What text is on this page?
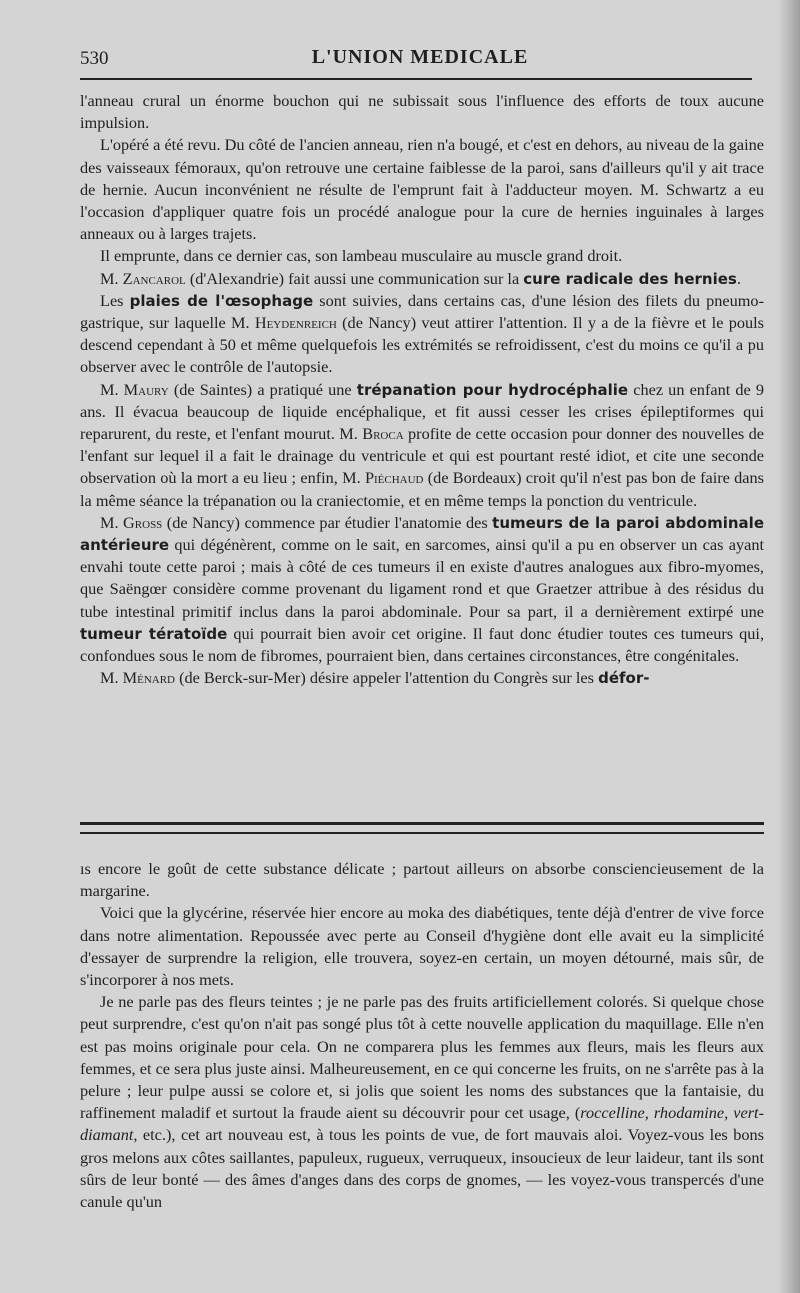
530	L'UNION MEDICALE

l'anneau crural un énorme bouchon qui ne subissait sous l'influence des efforts de toux aucune impulsion.

L'opéré a été revu. Du côté de l'ancien anneau, rien n'a bougé, et c'est en dehors, au niveau de la gaine des vaisseaux fémoraux, qu'on retrouve une certaine faiblesse de la paroi, sans d'ailleurs qu'il y ait trace de hernie. Aucun inconvénient ne résulte de l'emprunt fait à l'adducteur moyen. M. Schwartz a eu l'occasion d'appliquer quatre fois un procédé analogue pour la cure de hernies inguinales à larges anneaux ou à larges trajets.

Il emprunte, dans ce dernier cas, son lambeau musculaire au muscle grand droit.

M. Zancarol (d'Alexandrie) fait aussi une communication sur la cure radicale des hernies.

Les plaies de l'œsophage sont suivies, dans certains cas, d'une lésion des filets du pneumo-gastrique, sur laquelle M. Heydenreich (de Nancy) veut attirer l'attention. Il y a de la fièvre et le pouls descend cependant à 50 et même quelquefois les extrémités se refroidissent, c'est du moins ce qu'il a pu observer avec le contrôle de l'autopsie.

M. Maury (de Saintes) a pratiqué une trépanation pour hydrocéphalie chez un enfant de 9 ans. Il évacua beaucoup de liquide encéphalique, et fit aussi cesser les crises épileptiformes qui reparurent, du reste, et l'enfant mourut. M. Broca profite de cette occasion pour donner des nouvelles de l'enfant sur lequel il a fait le drainage du ventricule et qui est pourtant resté idiot, et cite une seconde observation où la mort a eu lieu ; enfin, M. Piéchaud (de Bordeaux) croit qu'il n'est pas bon de faire dans la même séance la trépanation ou la craniectomie, et en même temps la ponction du ventricule.

M. Gross (de Nancy) commence par étudier l'anatomie des tumeurs de la paroi abdominale antérieure qui dégénèrent, comme on le sait, en sarcomes, ainsi qu'il a pu en observer un cas ayant envahi toute cette paroi ; mais à côté de ces tumeurs il en existe d'autres analogues aux fibro-myomes, que Saëngœr considère comme provenant du ligament rond et que Graetzer attribue à des résidus du tube intestinal primitif inclus dans la paroi abdominale. Pour sa part, il a dernièrement extirpé une tumeur tératoïde qui pourrait bien avoir cet origine. Il faut donc étudier toutes ces tumeurs qui, confondues sous le nom de fibromes, pourraient bien, dans certaines circonstances, être congénitales.

M. Ménard (de Berck-sur-Mer) désire appeler l'attention du Congrès sur les défor-

ıs encore le goût de cette substance délicate ; partout ailleurs on absorbe consciencieusement de la margarine.

Voici que la glycérine, réservée hier encore au moka des diabétiques, tente déjà d'entrer de vive force dans notre alimentation. Repoussée avec perte au Conseil d'hygiène dont elle avait eu la simplicité d'essayer de surprendre la religion, elle trouvera, soyez-en certain, un moyen détourné, mais sûr, de s'incorporer à nos mets.

Je ne parle pas des fleurs teintes ; je ne parle pas des fruits artificiellement colorés. Si quelque chose peut surprendre, c'est qu'on n'ait pas songé plus tôt à cette nouvelle application du maquillage. Elle n'en est pas moins originale pour cela. On ne comparera plus les femmes aux fleurs, mais les fleurs aux femmes, et ce sera plus juste ainsi. Malheureusement, en ce qui concerne les fruits, on ne s'arrête pas à la pelure ; leur pulpe aussi se colore et, si jolis que soient les noms des substances que la fantaisie, du raffinement maladif et surtout la fraude aient su découvrir pour cet usage, (roccelline, rhodamine, vert-diamant, etc.), cet art nouveau est, à tous les points de vue, de fort mauvais aloi. Voyez-vous les bons gros melons aux côtes saillantes, papuleux, rugueux, verruqueux, insoucieux de leur laideur, tant ils sont sûrs de leur bonté — des âmes d'anges dans des corps de gnomes, — les voyez-vous transpercés d'une canule qu'un
